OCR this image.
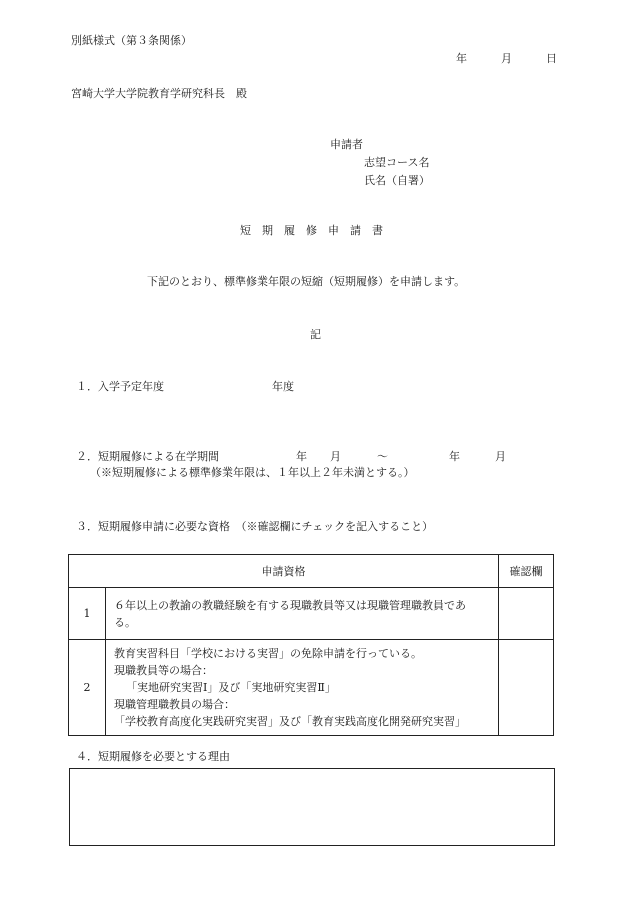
別紙様式（第３条関係）
年	月	日
宮崎大学大学院教育学研究科長　殿
申請者
志望コース名
氏名（自署）
短　期　履　修　申　請　書
下記のとおり、標準修業年限の短縮（短期履修）を申請します。
記
１．入学予定年度	年度
２．短期履修による在学期間	年 月	～	年	月
（※短期履修による標準修業年限は、１年以上２年未満とする。）
３．短期履修申請に必要な資格　（※確認欄にチェックを記入すること）
申請資格		確認欄
1	６年以上の教諭の教職経験を有する現職教員等又は現職管理職教員であ
る。	

2	教育実習科目「学校における実習」の免除申請を行っている。
現職教員等の場合：
「実地研究実習Ⅰ」及び「実地研究実習Ⅱ」
現職管理職教員の場合：
「学校教育高度化実践研究実習」及び「教育実践高度化開発研究実習」	

４．短期履修を必要とする理由
